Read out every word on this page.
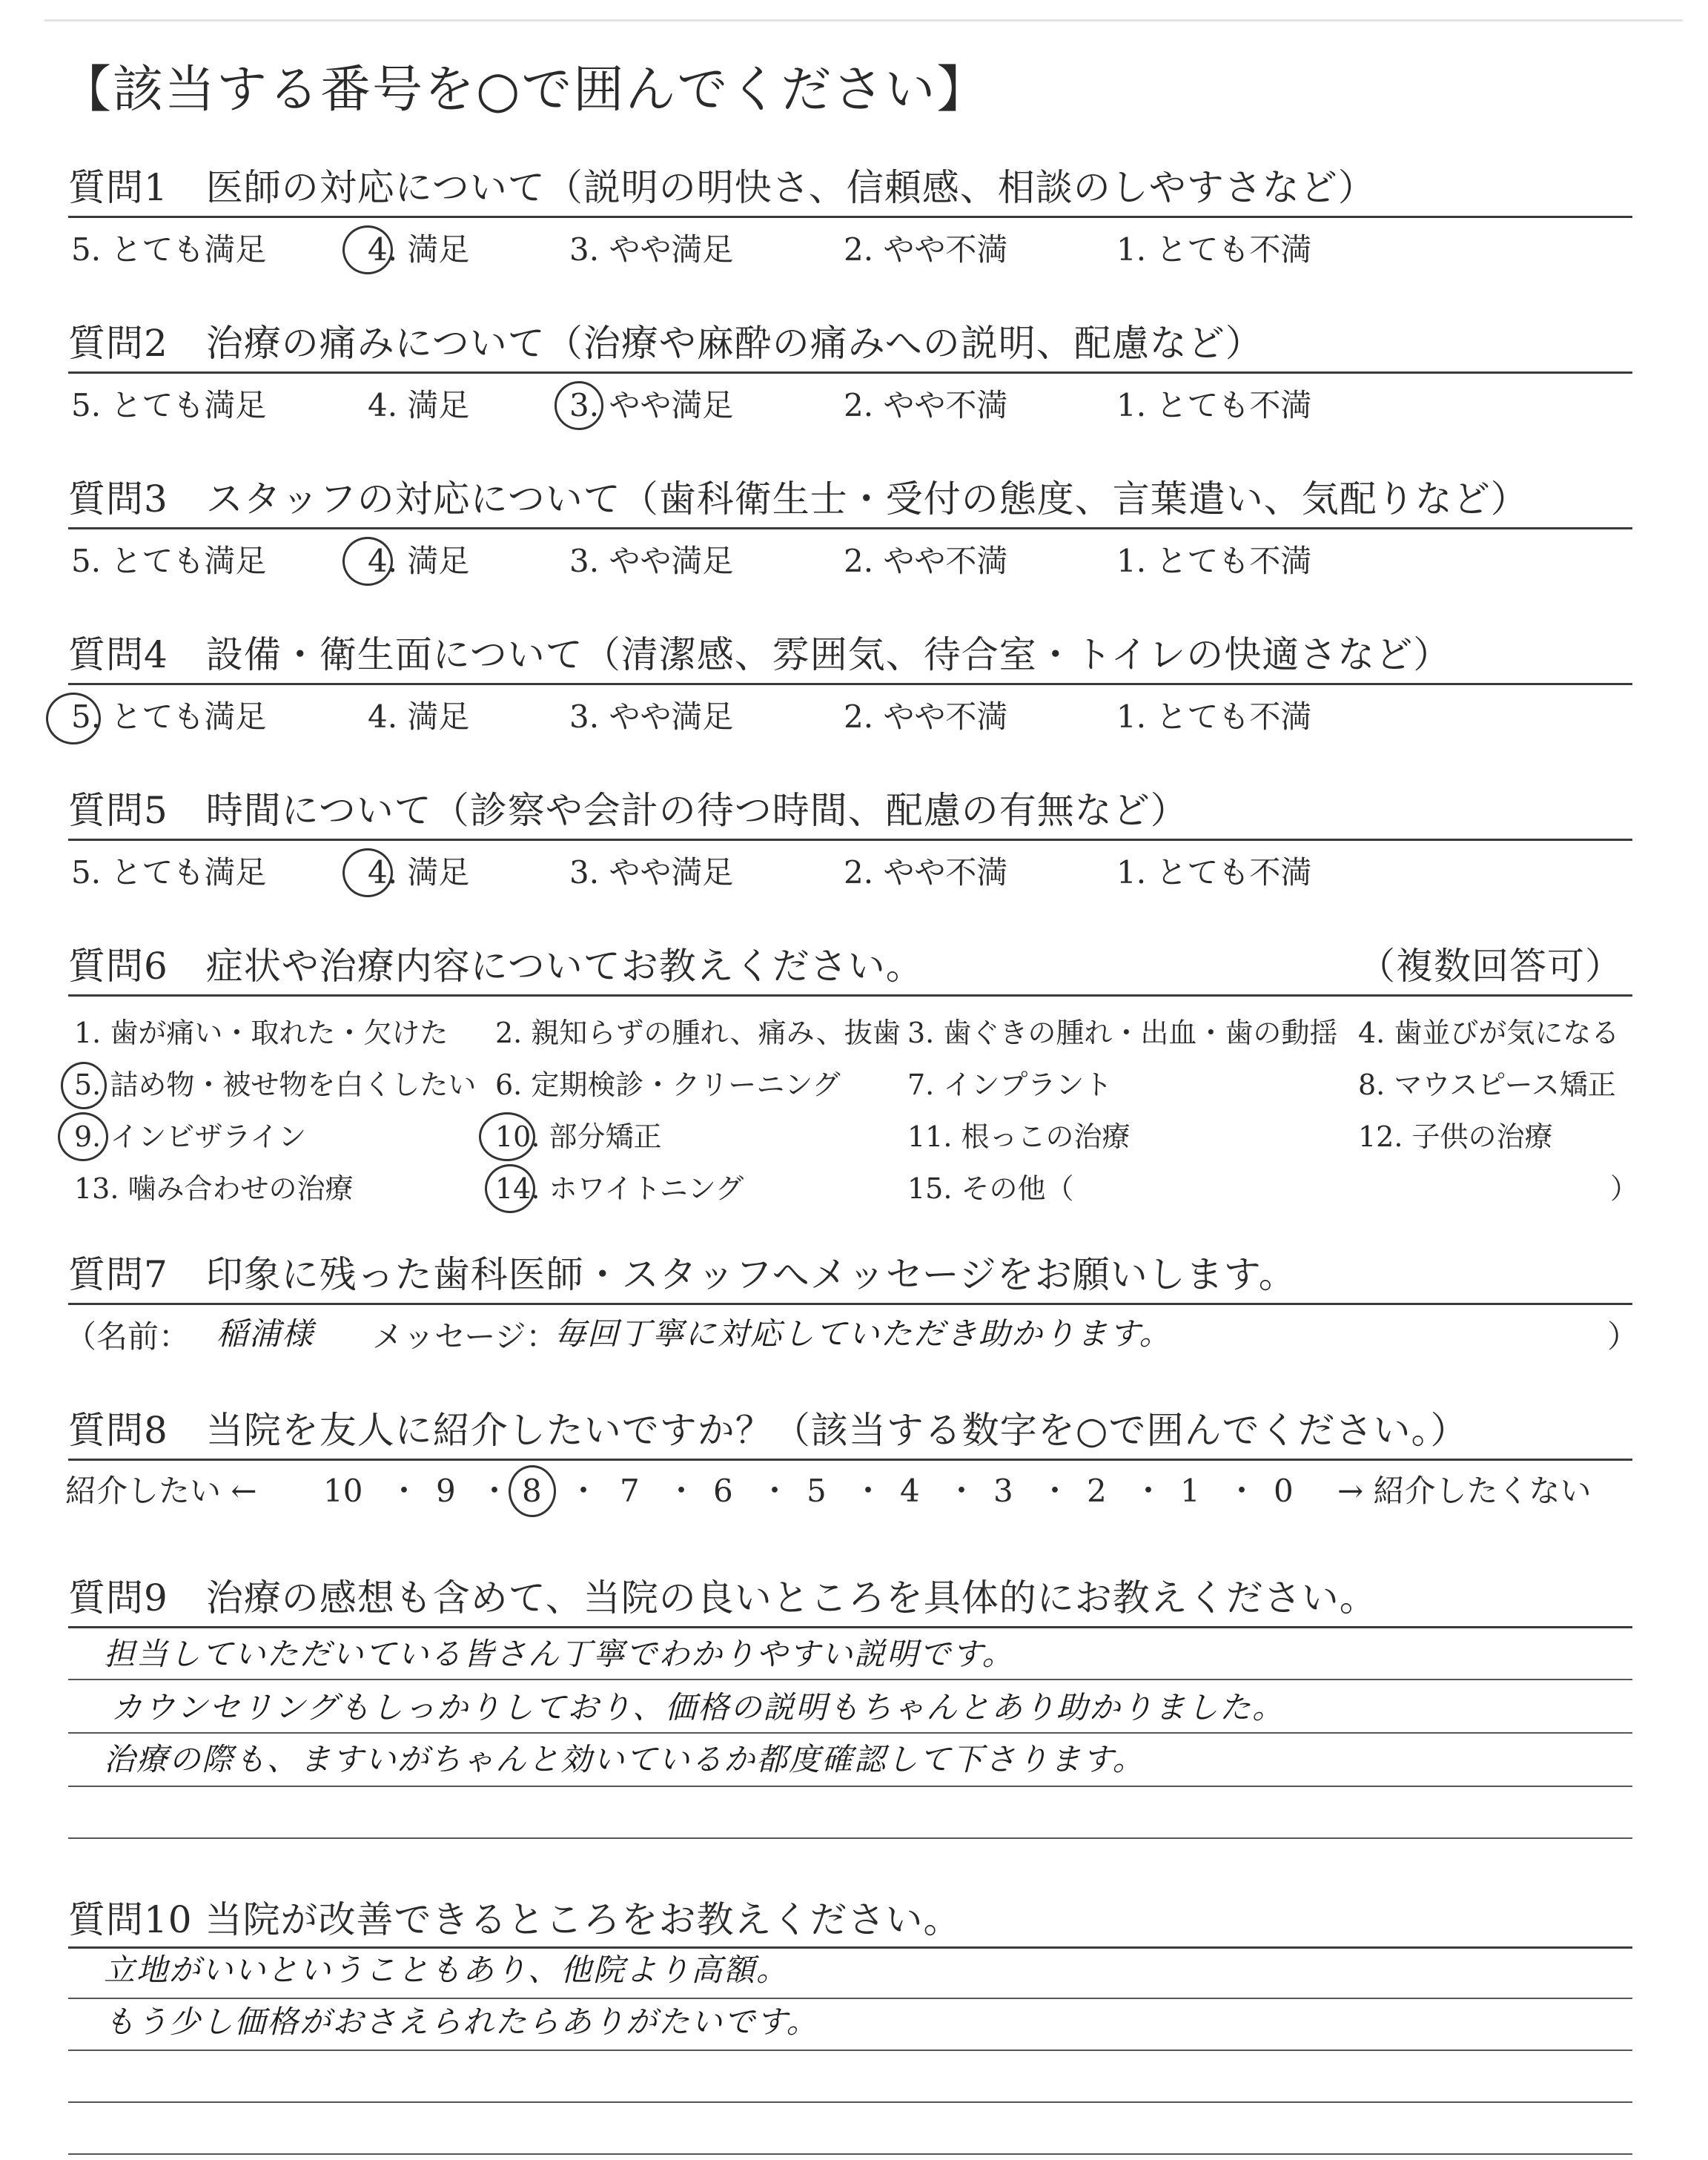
【該当する番号を○で囲んでください】
質問1　医師の対応について（説明の明快さ、信頼感、相談のしやすさなど）
5. とても満足	4. 満足	3. やや満足	2. やや不満	1. とても不満
質問2　治療の痛みについて（治療や麻酔の痛みへの説明、配慮など）
5. とても満足	4. 満足	3. やや満足	2. やや不満	1. とても不満
質問3　スタッフの対応について（歯科衛生士・受付の態度、言葉遣い、気配りなど）
5. とても満足	4. 満足	3. やや満足	2. やや不満	1. とても不満
質問4　設備・衛生面について（清潔感、雰囲気、待合室・トイレの快適さなど）
5. とても満足	4. 満足	3. やや満足	2. やや不満	1. とても不満
質問5　時間について（診察や会計の待つ時間、配慮の有無など）
5. とても満足	4. 満足	3. やや満足	2. やや不満	1. とても不満
質問6　症状や治療内容についてお教えください。	（複数回答可）
1. 歯が痛い・取れた・欠けた 2. 親知らずの腫れ、痛み、抜歯 3. 歯ぐきの腫れ・出血・歯の動揺 4. 歯並びが気になる
5. 詰め物・被せ物を白くしたい 6. 定期検診・クリーニング 7. インプラント	8. マウスピース矯正
9. インビザライン	10. 部分矯正	11. 根っこの治療	12. 子供の治療
13. 噛み合わせの治療	14. ホワイトニング	15. その他（	）
質問7　印象に残った歯科医師・スタッフへメッセージをお願いします。
（名前： 稲浦様 メッセージ：
毎回丁寧に対応していただき助かります。	）
質問8　当院を友人に紹介したいですか？（該当する数字を○で囲んでください。）
紹介したい ← 10 ・ 9 ・ 8 ・ 7 ・ 6 ・ 5 ・ 4 ・ 3 ・ 2 ・ 1 ・ 0 → 紹介したくない
質問9　治療の感想も含めて、当院の良いところを具体的にお教えください。
担当していただいている皆さん丁寧でわかりやすい説明です。
カウンセリングもしっかりしており、価格の説明もちゃんとあり助かりました。
治療の際も、ますいがちゃんと効いているか都度確認して下さります。
質問10 当院が改善できるところをお教えください。
立地がいいということもあり、他院より高額。
もう少し価格がおさえられたらありがたいです。
